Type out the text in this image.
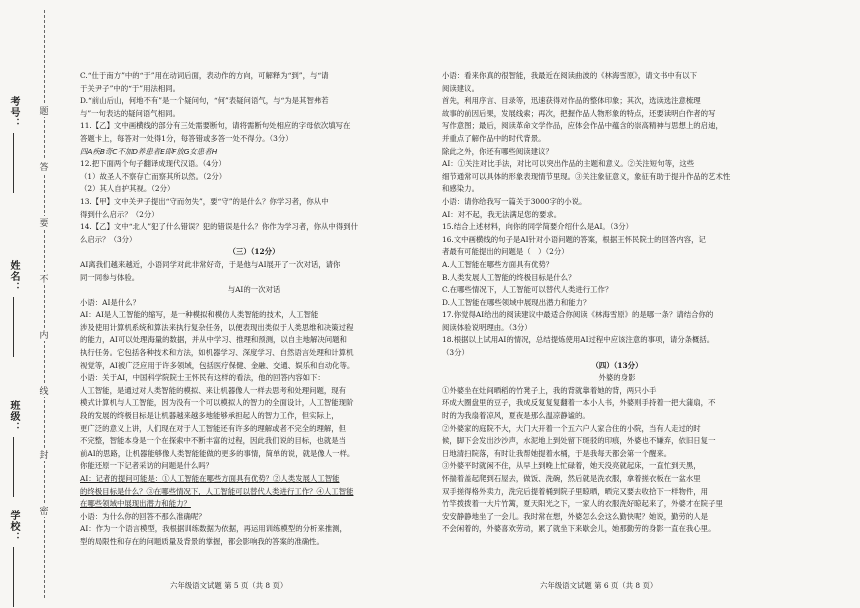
考号：
姓名：
班级：
学校：
题
答
要
不
内
线
封
密

C.“仕于南方”中的“于”用在动词后面，表动作的方向，可解释为“到”，与“请

于关尹子”中的“于”用法相同。

D.“前山后山，何地不有”是一个疑问句，“何”表疑问语气，与“为是其智弗若

与”一句表达的疑问语气相同。

11.【乙】文中画横线的部分有三处需要断句，请将需断句处相应的字母依次填写在

答题卡上，每答对一处得1分，每答错或多答一处不得分。（3分）

四A疾B奇C不加D养患者E即F放G女患者H

12.把下面两个句子翻译成现代汉语。（4分）

（1）故圣人不察存亡而察其所以然。（2分）

（2）其人自护其视。（2分）

13.【甲】文中关尹子提出“守而勿失”，要“守”的是什么？你学习者，你从中

得到什么启示？（2分）

14.【乙】文中“北人”犯了什么错误？犯的错误是什么？你作为学习者，你从中得到什

么启示？（3分）

（三）（12分）

AI离我们越来越近，小语同学对此非常好奇，于是他与AI展开了一次对话，请你

同一同参与体验。

与AI的一次对话

小语：AI是什么？

AI：AI是人工智能的缩写，是一种模拟和模仿人类智能的技术，人工智能

涉及使用计算机系统和算法来执行复杂任务，以便表现出类似于人类思维和决策过程

的能力，AI可以处理海量的数据，并从中学习、推理和预测，以自主地解决问题和

执行任务。它包括各种技术和方法，如机器学习、深度学习、自然语言处理和计算机

视觉等，AI被广泛应用于许多领域，包括医疗保健、金融、交通、娱乐和自动化等。

小语：关于AI，中国科学院院士王怀民有这样的看法，他的回答内容如下：

人工智能，是通过对人类智能的模拟、来让机器像人一样去思考和处理问题，现有

模式计算机与人工智能，因为没有一个可以模拟人的智力的全面设计，人工智能现阶

段的发展的终极目标是让机器越来越多地能够承担起人的智力工作，但实际上，

更广泛的意义上讲，人们现在对于人工智能还有许多的理解或者不完全的理解，但

不完整，智能本身是一个在探索中不断丰富的过程，因此我们说的目标，也就是当

前AI的思路，让机器能够像人类智能能做的更多的事情，简单的说，就是像人一样。

你能还原一下记者采访的问题是什么吗？

AI：记者的提问可能是：①人工智能在哪些方面具有优势？②人类发展人工智能

的终极目标是什么？③在哪些情况下，人工智能可以替代人类进行工作？④人工智能

在哪些领域中展现出潜力和能力？

小语：为什么你的回答不那么准确呢？

AI：作为一个语言模型，我根据训练数据为依据，再运用训练模型的分析来推测，

型的局限性和存在的问题质量及背景的掌握，都会影响我的答案的准确性。

小语：看来你真的很智能，我最近在阅读曲波的《林海雪原》，请文书中有以下

阅读建议。

首先，利用序言、目录等，迅速获得对作品的整体印象；其次，选读选注意梳理

故事的前因后果，发展线索；再次，把握作品人物形象的特点，还要读明白作者的写

写作意图；最后，阅读革命文学作品，应体会作品中蕴含的崇高精神与思想上的启迪，

并重点了解作品中的时代背景。

除此之外，你还有哪些阅读建议？

AI：①关注对比手法，对比可以突出作品的主题和意义。②关注短句等，这些

细节通常可以具体的形象表现情节里现。③关注象征意义，象征有助于提升作品的艺术性

和感染力。

小语：请你给我写一篇关于3000字的小说。

AI：对不起，我无法满足您的要求。

15.结合上述材料，向你的同学简要介绍什么是AI。（3分）

16.文中画横线的句子是AI针对小语问题的答案，根据王怀民院士的回答内容，记

者最有可能提出的问题是（　）（2分）

A.人工智能在哪些方面具有优势？

B.人类发展人工智能的终极目标是什么？

C.在哪些情况下，人工智能可以替代人类进行工作？

D.人工智能在哪些领域中展现出潜力和能力？

17.你觉得AI给出的阅读建议中最适合你阅读《林海雪原》的是哪一条？请结合你的

阅读体验说明理由。（3分）

18.根据以上试用AI的情况，总结提炼使用AI过程中应该注意的事项，请分条概括。

（3分）

（四）（13分）

外婆的身影

①外婆坐在灶间晒稻的竹凳子上，我的背就靠着她的背，两只小手

环成大圈盘里的豆子，我成反复复复翻着一本小人书，外婆则手持着一把大蒲扇，不

时的为我扇着凉风，夏夜是那么温凉静谧的。

②外婆家的庭院不大，大门大开着一个五六户人家合住的小院，当有人走过的时

候，脚下会发出沙沙声，水泥地上到处留下斑驳的印痕，外婆也不嫌弃，依旧日复一

日地清扫院落，有时让我帮她提着水桶，于是我每天都会第一个醒来。

③外婆平时就闲不住，从早上到晚上忙碌着，她天没亮就起床，一直忙到天黑，

怀揣着盖起爬到石屋去，做饭、洗碗，然后就是洗衣服，拿着搓衣板在一盆水里

双手搓得格外卖力，洗完后提着桶到院子里晾晒，晒完又要去收拾下一样物件，用

竹竿拨拨着一大片竹篱，夏天阳光之下，一家人的衣服洗好晾起来了，外婆才在院子里

安安静静地坐了一会儿。我时常在想，外婆怎么会这么勤快呢？她说，勤劳的人是

不会闲着的，外婆喜欢劳动，累了就坐下来歇会儿，她那勤劳的身影一直在我心里。

六年级语文试题 第 5 页（共 8 页）	六年级语文试题 第 6 页（共 8 页）
